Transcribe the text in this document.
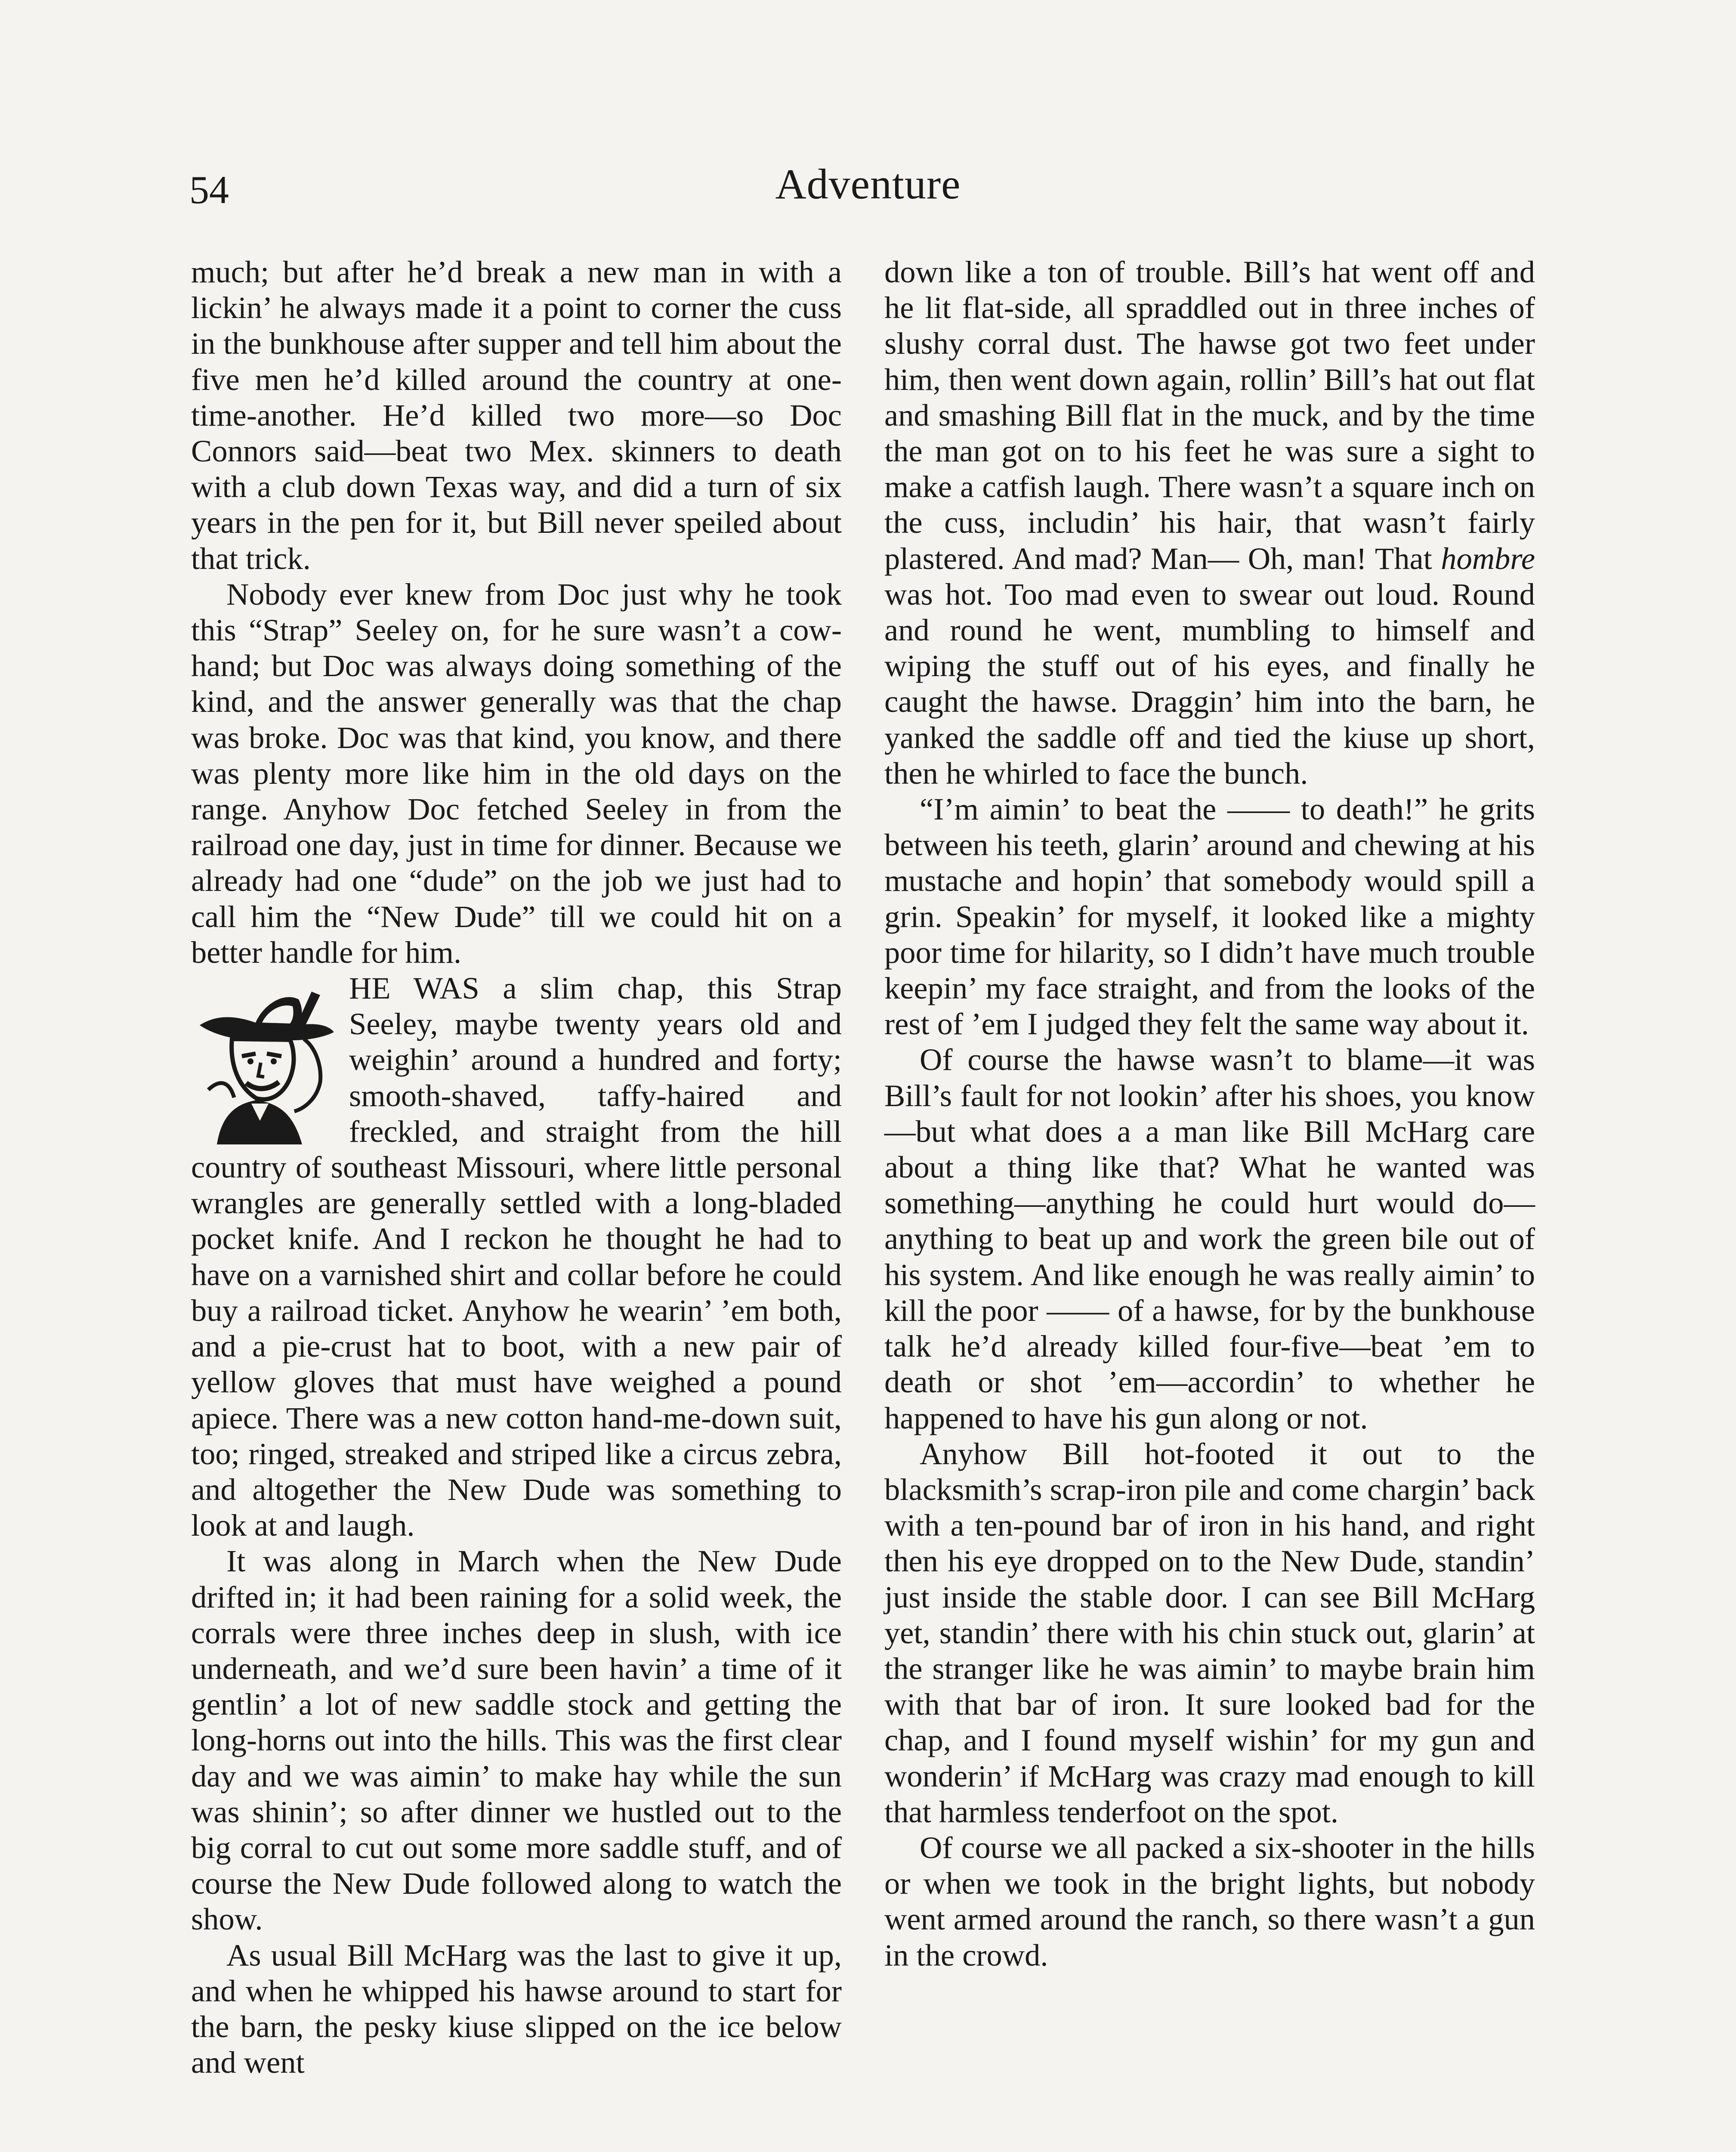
54	Adventure

much; but after he’d break a new man in with a lickin’ he always made it a point to corner the cuss in the bunkhouse after supper and tell him about the five men he’d killed around the country at one-time-another. He’d killed two more—so Doc Connors said—beat two Mex. skinners to death with a club down Texas way, and did a turn of six years in the pen for it, but Bill never speiled about that trick.

Nobody ever knew from Doc just why he took this “Strap” Seeley on, for he sure wasn’t a cow-hand; but Doc was always doing something of the kind, and the answer generally was that the chap was broke. Doc was that kind, you know, and there was plenty more like him in the old days on the range. Anyhow Doc fetched Seeley in from the railroad one day, just in time for dinner. Because we already had one “dude” on the job we just had to call him the “New Dude” till we could hit on a better handle for him.

HE WAS a slim chap, this Strap Seeley, maybe twenty years old and weighin’ around a hundred and forty; smooth-shaved, taffy-haired and freckled, and straight from the hill country of southeast Missouri, where little personal wrangles are generally settled with a long-bladed pocket knife. And I reckon he thought he had to have on a varnished shirt and collar before he could buy a railroad ticket. Anyhow he wearin’ ’em both, and a pie-crust hat to boot, with a new pair of yellow gloves that must have weighed a pound apiece. There was a new cotton hand-me-down suit, too; ringed, streaked and striped like a circus zebra, and altogether the New Dude was something to look at and laugh.

It was along in March when the New Dude drifted in; it had been raining for a solid week, the corrals were three inches deep in slush, with ice underneath, and we’d sure been havin’ a time of it gentlin’ a lot of new saddle stock and getting the long-horns out into the hills. This was the first clear day and we was aimin’ to make hay while the sun was shinin’; so after dinner we hustled out to the big corral to cut out some more saddle stuff, and of course the New Dude followed along to watch the show.

As usual Bill McHarg was the last to give it up, and when he whipped his hawse around to start for the barn, the pesky kiuse slipped on the ice below and went

down like a ton of trouble. Bill’s hat went off and he lit flat-side, all spraddled out in three inches of slushy corral dust. The hawse got two feet under him, then went down again, rollin’ Bill’s hat out flat and smashing Bill flat in the muck, and by the time the man got on to his feet he was sure a sight to make a catfish laugh. There wasn’t a square inch on the cuss, includin’ his hair, that wasn’t fairly plastered. And mad? Man— Oh, man! That hombre was hot. Too mad even to swear out loud. Round and round he went, mumbling to himself and wiping the stuff out of his eyes, and finally he caught the hawse. Draggin’ him into the barn, he yanked the saddle off and tied the kiuse up short, then he whirled to face the bunch.

“I’m aimin’ to beat the —— to death!” he grits between his teeth, glarin’ around and chewing at his mustache and hopin’ that somebody would spill a grin. Speakin’ for myself, it looked like a mighty poor time for hilarity, so I didn’t have much trouble keepin’ my face straight, and from the looks of the rest of ’em I judged they felt the same way about it.

Of course the hawse wasn’t to blame—it was Bill’s fault for not lookin’ after his shoes, you know—but what does a a man like Bill McHarg care about a thing like that? What he wanted was something—anything he could hurt would do—anything to beat up and work the green bile out of his system. And like enough he was really aimin’ to kill the poor —— of a hawse, for by the bunkhouse talk he’d already killed four-five—beat ’em to death or shot ’em—accordin’ to whether he happened to have his gun along or not.

Anyhow Bill hot-footed it out to the blacksmith’s scrap-iron pile and come chargin’ back with a ten-pound bar of iron in his hand, and right then his eye dropped on to the New Dude, standin’ just inside the stable door. I can see Bill McHarg yet, standin’ there with his chin stuck out, glarin’ at the stranger like he was aimin’ to maybe brain him with that bar of iron. It sure looked bad for the chap, and I found myself wishin’ for my gun and wonderin’ if McHarg was crazy mad enough to kill that harmless tenderfoot on the spot.

Of course we all packed a six-shooter in the hills or when we took in the bright lights, but nobody went armed around the ranch, so there wasn’t a gun in the crowd.
